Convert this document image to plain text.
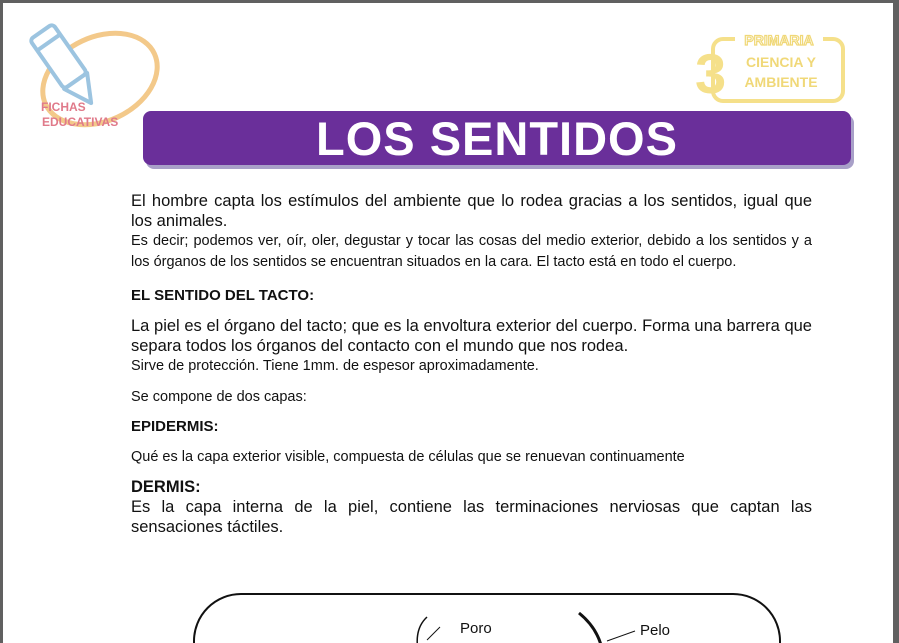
FICHAS
EDUCATIVAS
PRIMARIA
3 CIENCIA Y
AMBIENTE
LOS SENTIDOS

El hombre capta los estímulos del ambiente que lo rodea gracias a los sentidos, igual que los animales.

Es decir; podemos ver, oír, oler, degustar y tocar las cosas del medio exterior, debido a los sentidos y a los órganos de los sentidos se encuentran situados en la cara. El tacto está en todo el cuerpo.

EL SENTIDO DEL TACTO:

La piel es el órgano del tacto; que es la envoltura exterior del cuerpo. Forma una barrera que separa todos los órganos del contacto con el mundo que nos rodea.

Sirve de protección. Tiene 1mm. de espesor aproximadamente.

Se compone de dos capas:

EPIDERMIS:

Qué es la capa exterior visible, compuesta de células que se renuevan continuamente

DERMIS:

Es la capa interna de la piel, contiene las terminaciones nerviosas que captan las sensaciones táctiles.

Poro	Pelo
